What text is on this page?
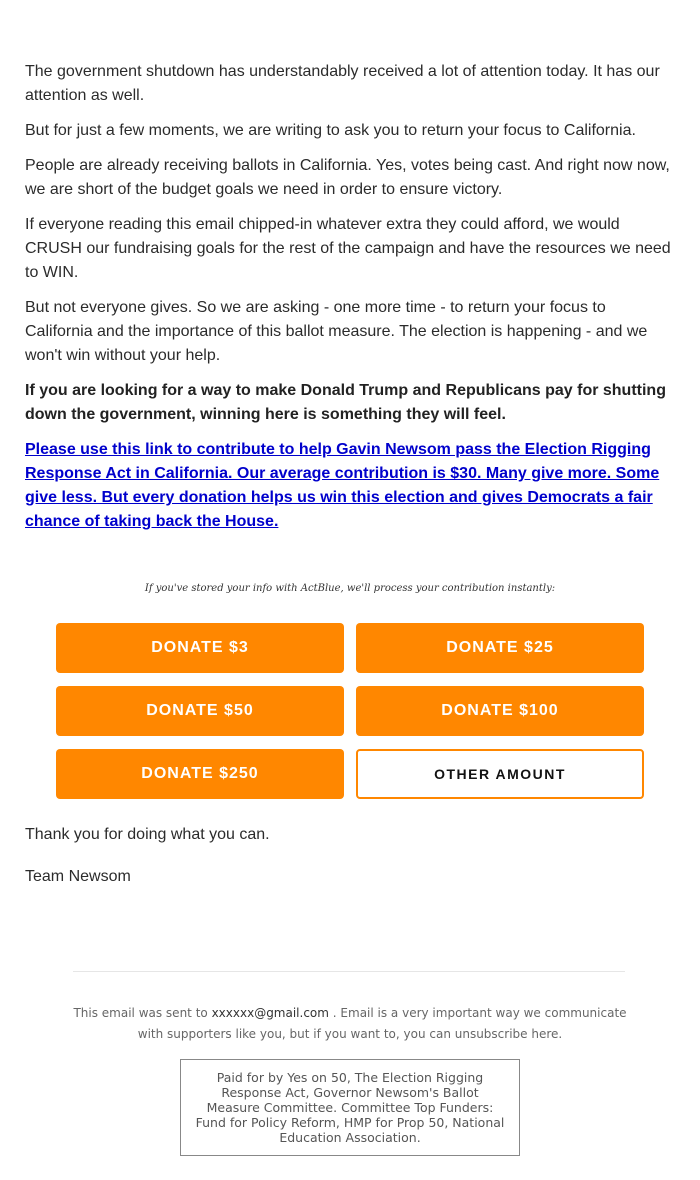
The government shutdown has understandably received a lot of attention today. It has our attention as well.

But for just a few moments, we are writing to ask you to return your focus to California.

People are already receiving ballots in California. Yes, votes being cast. And right now now, we are short of the budget goals we need in order to ensure victory.

If everyone reading this email chipped-in whatever extra they could afford, we would CRUSH our fundraising goals for the rest of the campaign and have the resources we need to WIN.

But not everyone gives. So we are asking - one more time - to return your focus to California and the importance of this ballot measure. The election is happening - and we won't win without your help.

If you are looking for a way to make Donald Trump and Republicans pay for shutting down the government, winning here is something they will feel.

Please use this link to contribute to help Gavin Newsom pass the Election Rigging Response Act in California. Our average contribution is $30. Many give more. Some give less. But every donation helps us win this election and gives Democrats a fair chance of taking back the House.

If you've stored your info with ActBlue, we'll process your contribution instantly:
DONATE $3	DONATE $25
DONATE $50	DONATE $100
DONATE $250	OTHER AMOUNT
Thank you for doing what you can.
Team Newsom
This email was sent to xxxxxx@gmail.com . Email is a very important way we communicate with supporters like you, but if you want to, you can unsubscribe here.
Paid for by Yes on 50, The Election Rigging Response Act, Governor Newsom's Ballot Measure Committee. Committee Top Funders: Fund for Policy Reform, HMP for Prop 50, National Education Association.
